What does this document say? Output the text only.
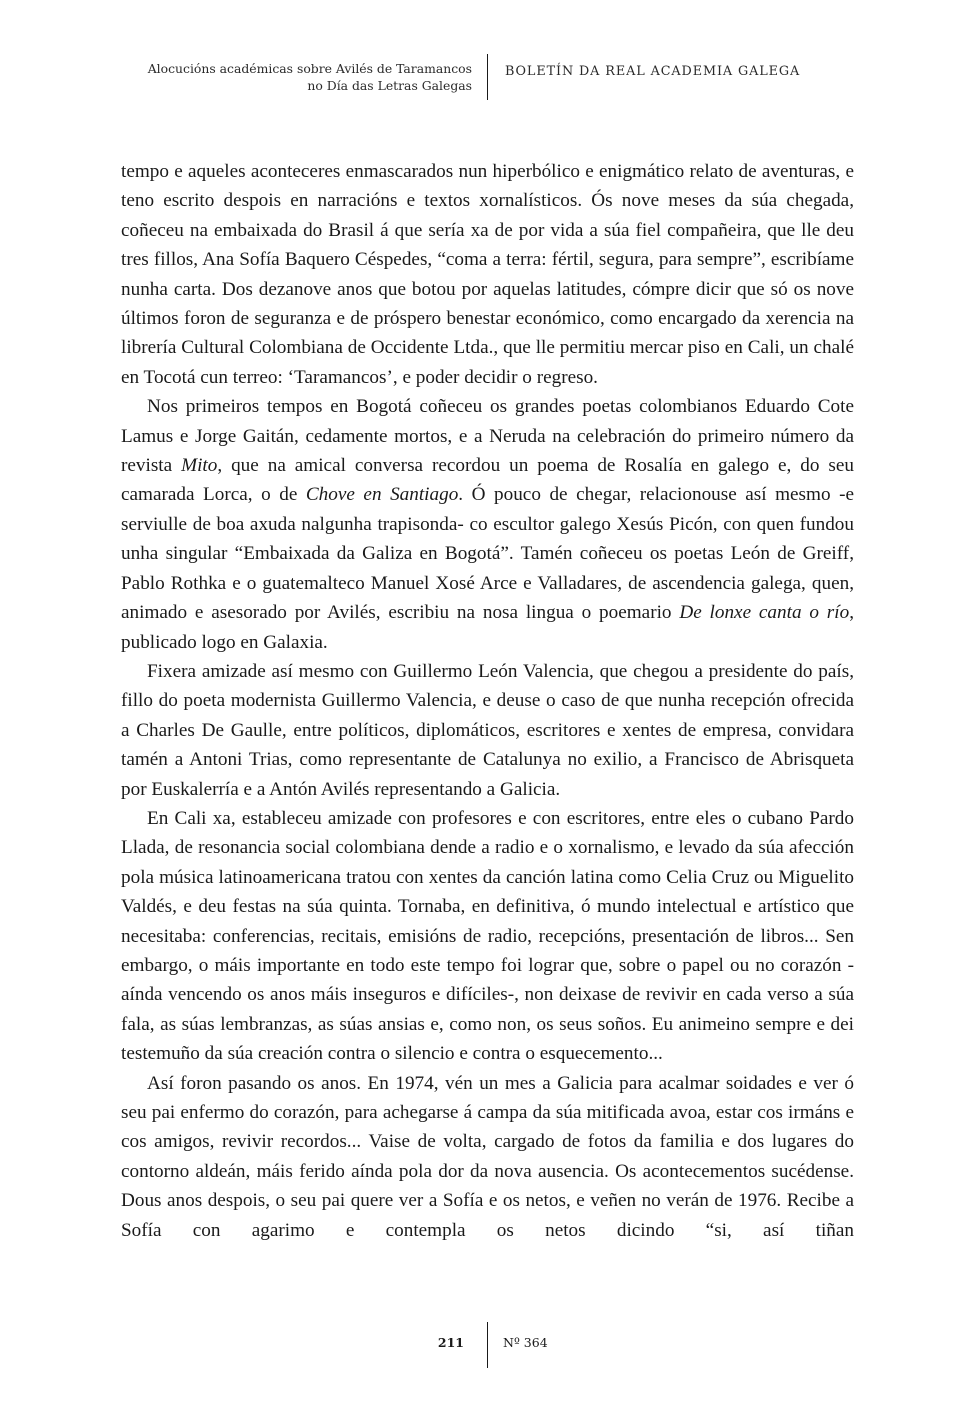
Alocucións académicas sobre Avilés de Taramancos
no Día das Letras Galegas
BOLETÍN DA REAL ACADEMIA GALEGA

tempo e aqueles aconteceres enmascarados nun hiperbólico e enigmático relato de aventuras, e teno escrito despois en narracións e textos xornalísticos. Ós nove meses da súa chegada, coñeceu na embaixada do Brasil á que sería xa de por vida a súa fiel compañeira, que lle deu tres fillos, Ana Sofía Baquero Céspedes, “coma a terra: fértil, segura, para sempre”, escribíame nunha carta. Dos dezanove anos que botou por aquelas latitudes, cómpre dicir que só os nove últimos foron de seguranza e de próspero benestar económico, como encargado da xerencia na librería Cultural Colombiana de Occidente Ltda., que lle permitiu mercar piso en Cali, un chalé en Tocotá cun terreo: ‘Taramancos’, e poder decidir o regreso.

Nos primeiros tempos en Bogotá coñeceu os grandes poetas colombianos Eduardo Cote Lamus e Jorge Gaitán, cedamente mortos, e a Neruda na celebración do primeiro número da revista Mito, que na amical conversa recordou un poema de Rosalía en galego e, do seu camarada Lorca, o de Chove en Santiago. Ó pouco de chegar, relacionouse así mesmo -e serviulle de boa axuda nalgunha trapisonda- co escultor galego Xesús Picón, con quen fundou unha singular “Embaixada da Galiza en Bogotá”. Tamén coñeceu os poetas León de Greiff, Pablo Rothka e o guatemalteco Manuel Xosé Arce e Valladares, de ascendencia galega, quen, animado e asesorado por Avilés, escribiu na nosa lingua o poemario De lonxe canta o río, publicado logo en Galaxia.

Fixera amizade así mesmo con Guillermo León Valencia, que chegou a presidente do país, fillo do poeta modernista Guillermo Valencia, e deuse o caso de que nunha recepción ofrecida a Charles De Gaulle, entre políticos, diplomáticos, escritores e xentes de empresa, convidara tamén a Antoni Trias, como representante de Catalunya no exilio, a Francisco de Abrisqueta por Euskalerría e a Antón Avilés representando a Galicia.

En Cali xa, estableceu amizade con profesores e con escritores, entre eles o cubano Pardo Llada, de resonancia social colombiana dende a radio e o xornalismo, e levado da súa afección pola música latinoamericana tratou con xentes da canción latina como Celia Cruz ou Miguelito Valdés, e deu festas na súa quinta. Tornaba, en definitiva, ó mundo intelectual e artístico que necesitaba: conferencias, recitais, emisións de radio, recepcións, presentación de libros... Sen embargo, o máis importante en todo este tempo foi lograr que, sobre o papel ou no corazón -aínda vencendo os anos máis inseguros e difíciles-, non deixase de revivir en cada verso a súa fala, as súas lembranzas, as súas ansias e, como non, os seus soños. Eu animeino sempre e dei testemuño da súa creación contra o silencio e contra o esquecemento...

Así foron pasando os anos. En 1974, vén un mes a Galicia para acalmar soidades e ver ó seu pai enfermo do corazón, para achegarse á campa da súa mitificada avoa, estar cos irmáns e cos amigos, revivir recordos... Vaise de volta, cargado de fotos da familia e dos lugares do contorno aldeán, máis ferido aínda pola dor da nova ausencia. Os acontecementos sucédense. Dous anos despois, o seu pai quere ver a Sofía e os netos, e veñen no verán de 1976. Recibe a Sofía con agarimo e contempla os netos dicindo “si, así tiñan

211	Nº 364
